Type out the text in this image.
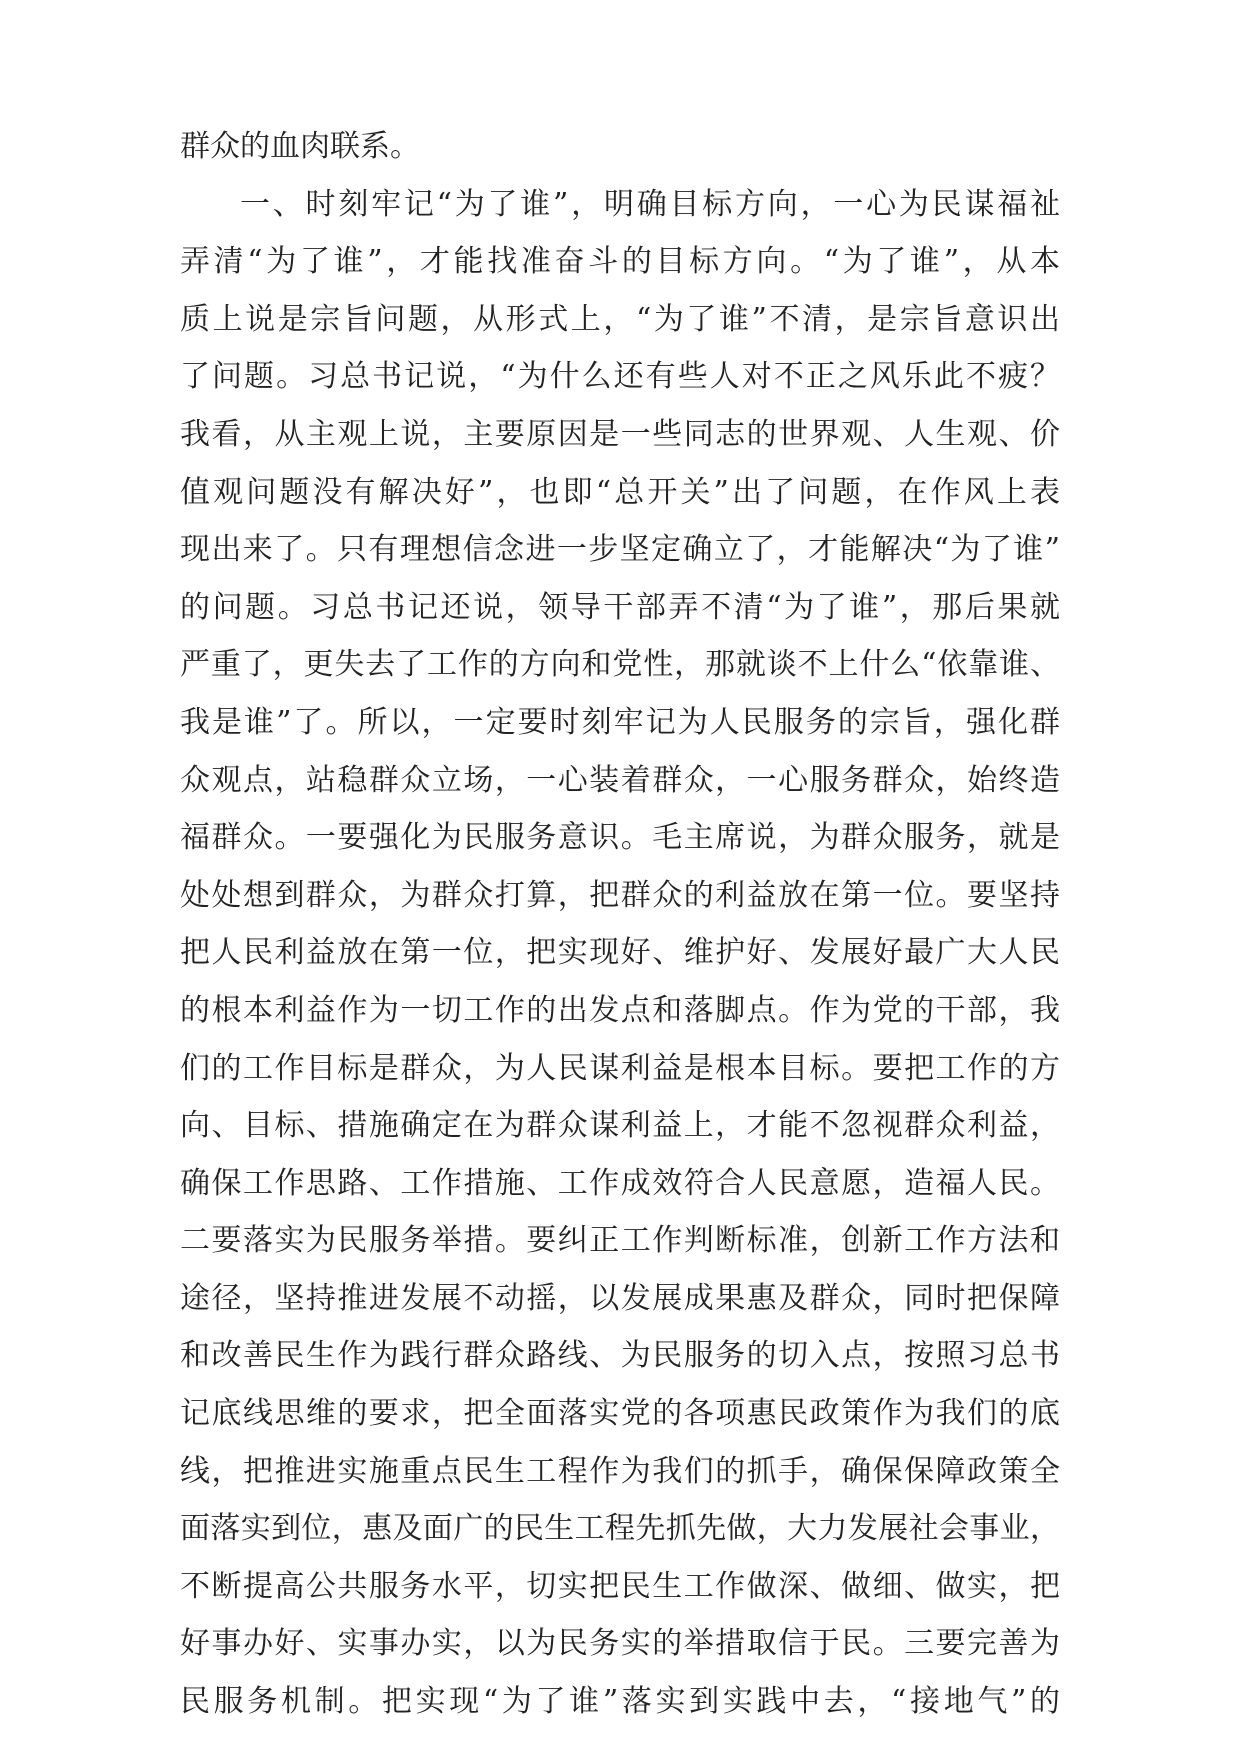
群众的血肉联系。
一、时刻牢记“为了谁”，明确目标方向，一心为民谋福祉
弄清“为了谁”，才能找准奋斗的目标方向。“为了谁”，从本
质上说是宗旨问题，从形式上，“为了谁”不清，是宗旨意识出
了问题。习总书记说，“为什么还有些人对不正之风乐此不疲？
我看，从主观上说，主要原因是一些同志的世界观、人生观、价
值观问题没有解决好”，也即“总开关”出了问题，在作风上表
现出来了。只有理想信念进一步坚定确立了，才能解决“为了谁”
的问题。习总书记还说，领导干部弄不清“为了谁”，那后果就
严重了，更失去了工作的方向和党性，那就谈不上什么“依靠谁、
我是谁”了。所以，一定要时刻牢记为人民服务的宗旨，强化群
众观点，站稳群众立场，一心装着群众，一心服务群众，始终造
福群众。一要强化为民服务意识。毛主席说，为群众服务，就是
处处想到群众，为群众打算，把群众的利益放在第一位。要坚持
把人民利益放在第一位，把实现好、维护好、发展好最广大人民
的根本利益作为一切工作的出发点和落脚点。作为党的干部，我
们的工作目标是群众，为人民谋利益是根本目标。要把工作的方
向、目标、措施确定在为群众谋利益上，才能不忽视群众利益，
确保工作思路、工作措施、工作成效符合人民意愿，造福人民。
二要落实为民服务举措。要纠正工作判断标准，创新工作方法和
途径，坚持推进发展不动摇，以发展成果惠及群众，同时把保障
和改善民生作为践行群众路线、为民服务的切入点，按照习总书
记底线思维的要求，把全面落实党的各项惠民政策作为我们的底
线，把推进实施重点民生工程作为我们的抓手，确保保障政策全
面落实到位，惠及面广的民生工程先抓先做，大力发展社会事业，
不断提高公共服务水平，切实把民生工作做深、做细、做实，把
好事办好、实事办实，以为民务实的举措取信于民。三要完善为
民服务机制。把实现“为了谁”落实到实践中去，“接地气”的
